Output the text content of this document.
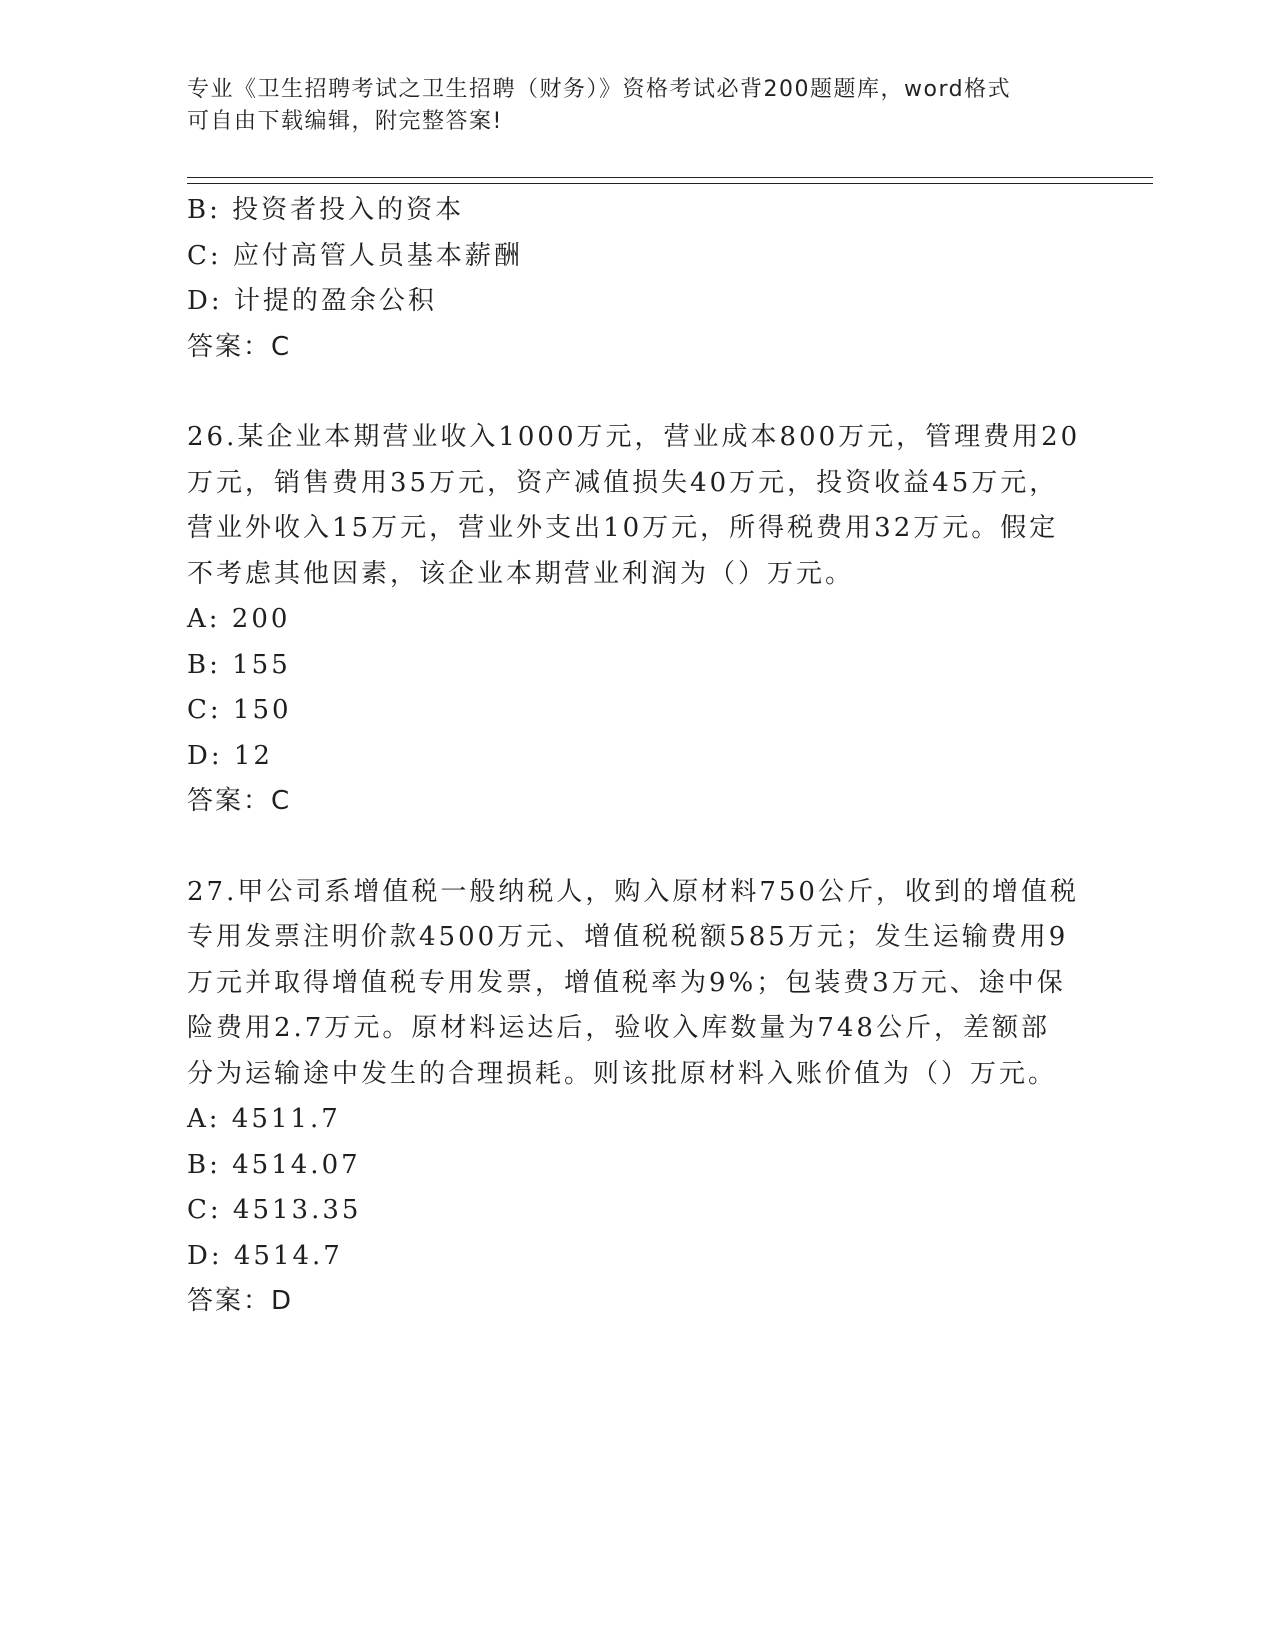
专业《卫生招聘考试之卫生招聘（财务）》资格考试必背200题题库，word格式
可自由下载编辑，附完整答案!
B: 投资者投入的资本
C: 应付高管人员基本薪酬
D: 计提的盈余公积
答案：C
26.某企业本期营业收入1000万元，营业成本800万元，管理费用20
万元，销售费用35万元，资产减值损失40万元，投资收益45万元，
营业外收入15万元，营业外支出10万元，所得税费用32万元。假定
不考虑其他因素，该企业本期营业利润为（）万元。
A: 200
B: 155
C: 150
D: 12
答案：C
27.甲公司系增值税一般纳税人，购入原材料750公斤，收到的增值税
专用发票注明价款4500万元、增值税税额585万元；发生运输费用9
万元并取得增值税专用发票，增值税率为9%；包装费3万元、途中保
险费用2.7万元。原材料运达后，验收入库数量为748公斤，差额部
分为运输途中发生的合理损耗。则该批原材料入账价值为（）万元。
A: 4511.7
B: 4514.07
C: 4513.35
D: 4514.7
答案：D
